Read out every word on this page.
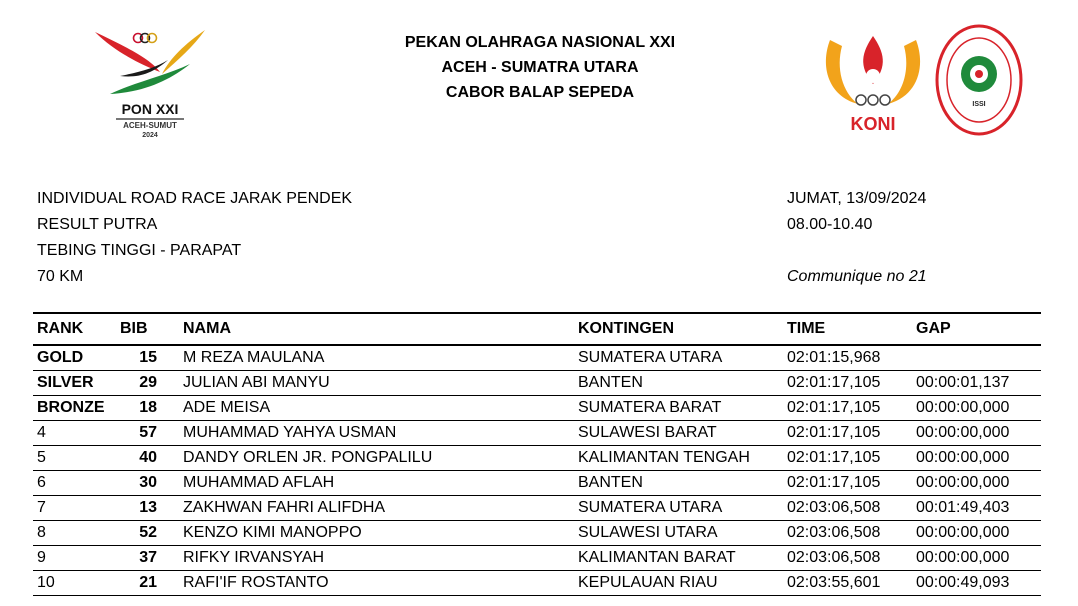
PON XXI
ACEH-SUMUT
2024
PEKAN OLAHRAGA NASIONAL XXI
ACEH - SUMATRA UTARA
CABOR BALAP SEPEDA
KONI
ISSI
INDIVIDUAL ROAD RACE JARAK PENDEK
RESULT PUTRA
TEBING TINGGI - PARAPAT
70 KM
JUMAT, 13/09/2024
08.00-10.40

Communique no 21
RANK	BIB	NAMA	KONTINGEN	TIME	GAP
GOLD	15	M REZA MAULANA	SUMATERA UTARA	02:01:15,968	
SILVER	29	JULIAN ABI MANYU	BANTEN	02:01:17,105	00:00:01,137
BRONZE	18	ADE MEISA	SUMATERA BARAT	02:01:17,105	00:00:00,000
4	57	MUHAMMAD YAHYA USMAN	SULAWESI BARAT	02:01:17,105	00:00:00,000
5	40	DANDY ORLEN JR. PONGPALILU	KALIMANTAN TENGAH	02:01:17,105	00:00:00,000
6	30	MUHAMMAD AFLAH	BANTEN	02:01:17,105	00:00:00,000
7	13	ZAKHWAN FAHRI ALIFDHA	SUMATERA UTARA	02:03:06,508	00:01:49,403
8	52	KENZO KIMI MANOPPO	SULAWESI UTARA	02:03:06,508	00:00:00,000
9	37	RIFKY IRVANSYAH	KALIMANTAN BARAT	02:03:06,508	00:00:00,000
10	21	RAFI'IF ROSTANTO	KEPULAUAN RIAU	02:03:55,601	00:00:49,093
